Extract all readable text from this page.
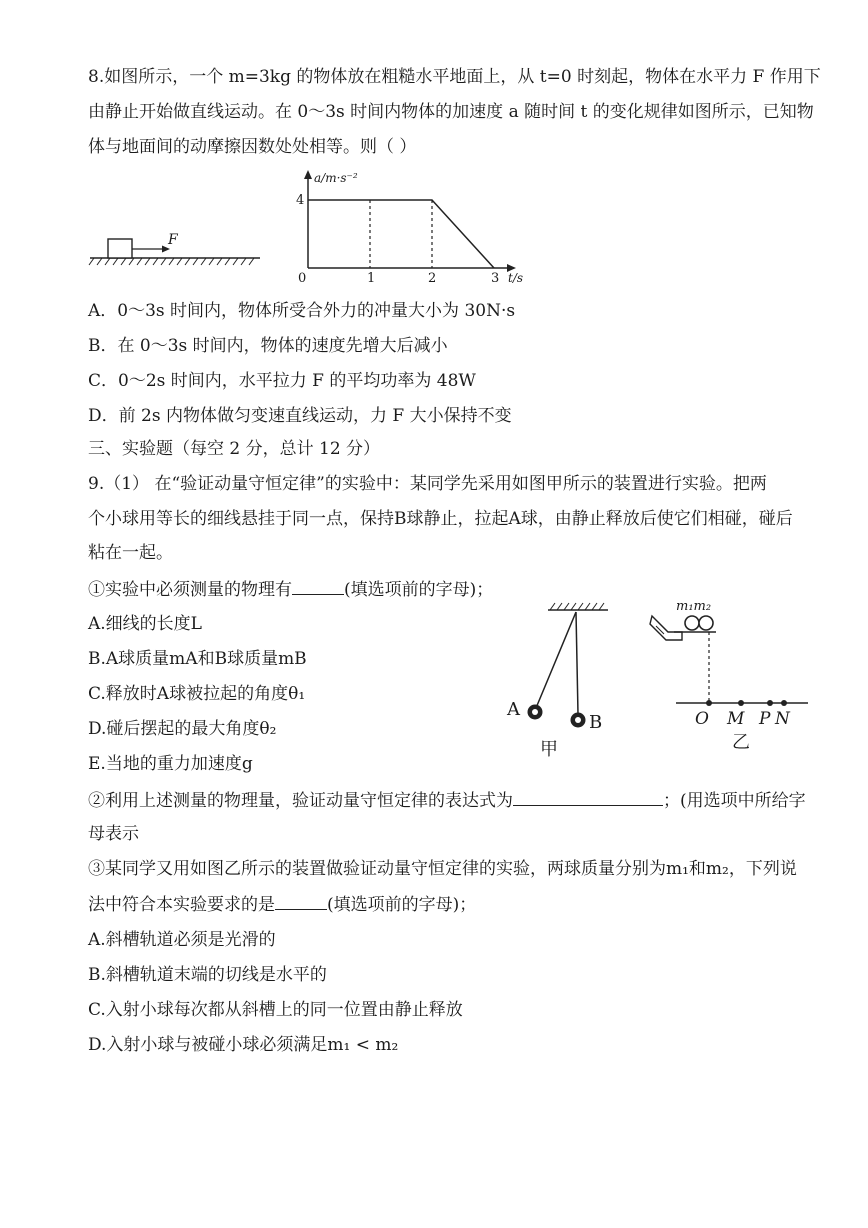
8.如图所示，一个 m=3kg 的物体放在粗糙水平地面上，从 t=0 时刻起，物体在水平力 F 作用下
由静止开始做直线运动。在 0～3s 时间内物体的加速度 a 随时间 t 的变化规律如图所示，已知物
体与地面间的动摩擦因数处处相等。则（ ）
F
a/m·s⁻²
4
0	1	2	3 t/s
A．0～3s 时间内，物体所受合外力的冲量大小为 30N·s
B．在 0～3s 时间内，物体的速度先增大后减小
C．0～2s 时间内，水平拉力 F 的平均功率为 48W
D．前 2s 内物体做匀变速直线运动，力 F 大小保持不变
三、实验题（每空 2 分，总计 12 分）
9.（1） 在“验证动量守恒定律”的实验中：某同学先采用如图甲所示的装置进行实验。把两
个小球用等长的细线悬挂于同一点，保持B球静止，拉起A球，由静止释放后使它们相碰，碰后
粘在一起。
①实验中必须测量的物理有	(填选项前的字母)；
A.细线的长度L
B.A球质量mA和B球质量mB
C.释放时A球被拉起的角度θ₁
D.碰后摆起的最大角度θ₂
E.当地的重力加速度g
A
B
甲
m₁m₂
O M P N
乙
②利用上述测量的物理量，验证动量守恒定律的表达式为	；(用选项中所给字
母表示
③某同学又用如图乙所示的装置做验证动量守恒定律的实验，两球质量分别为m₁和m₂，下列说
法中符合本实验要求的是	(填选项前的字母)；
A.斜槽轨道必须是光滑的
B.斜槽轨道末端的切线是水平的
C.入射小球每次都从斜槽上的同一位置由静止释放
D.入射小球与被碰小球必须满足m₁ < m₂
